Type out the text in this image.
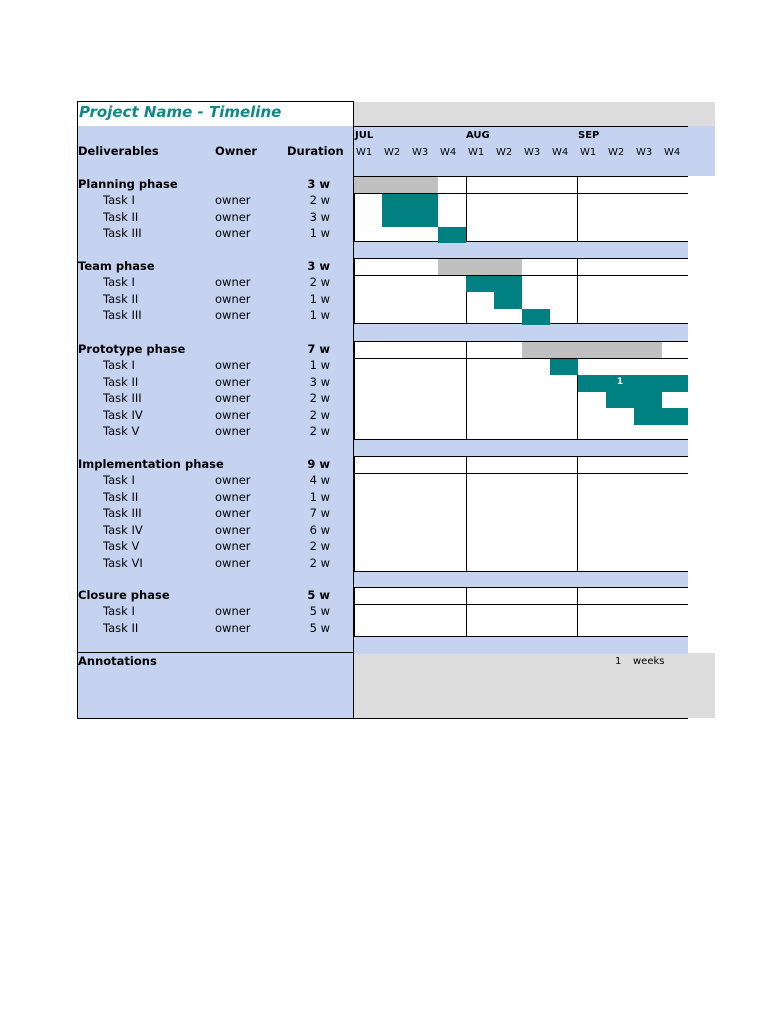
Project Name - Timeline
Deliverables	Owner	Duration
JUL	AUG	SEP
Annotations	1 weeks
W1 W2 W3 W4 W1 W2 W3 W4 W1 W2 W3 W4
Planning phase	3 w
Task I	owner	2 w
Task II	owner	3 w
Task III	owner	1 w
Team phase	3 w
Task I	owner	2 w
Task II	owner	1 w
Task III	owner	1 w
Prototype phase	7 w
Task I	owner	1 w
Task II	owner	3 w
Task III	owner	2 w
Task IV	owner	2 w
Task V	owner	2 w
1
Implementation phase	9 w
Task I	owner	4 w
Task II	owner	1 w
Task III	owner	7 w
Task IV	owner	6 w
Task V	owner	2 w
Task VI	owner	2 w
Closure phase	5 w
Task I	owner	5 w
Task II	owner	5 w
